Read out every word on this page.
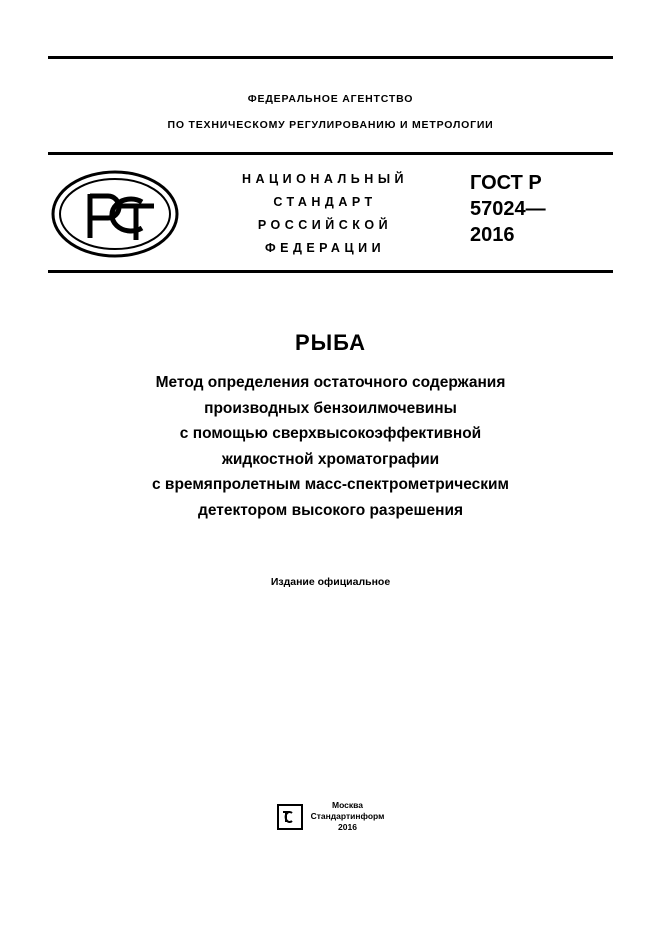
ФЕДЕРАЛЬНОЕ АГЕНТСТВО
ПО ТЕХНИЧЕСКОМУ РЕГУЛИРОВАНИЮ И МЕТРОЛОГИИ
НАЦИОНАЛЬНЫЙ
СТАНДАРТ
РОССИЙСКОЙ
ФЕДЕРАЦИИ
ГОСТ Р
57024—
2016
РЫБА
Метод определения остаточного содержания
производных бензоилмочевины
с помощью сверхвысокоэффективной
жидкостной хроматографии
с времяпролетным масс-спектрометрическим
детектором высокого разрешения
Издание официальное
Москва
Стандартинформ
2016
